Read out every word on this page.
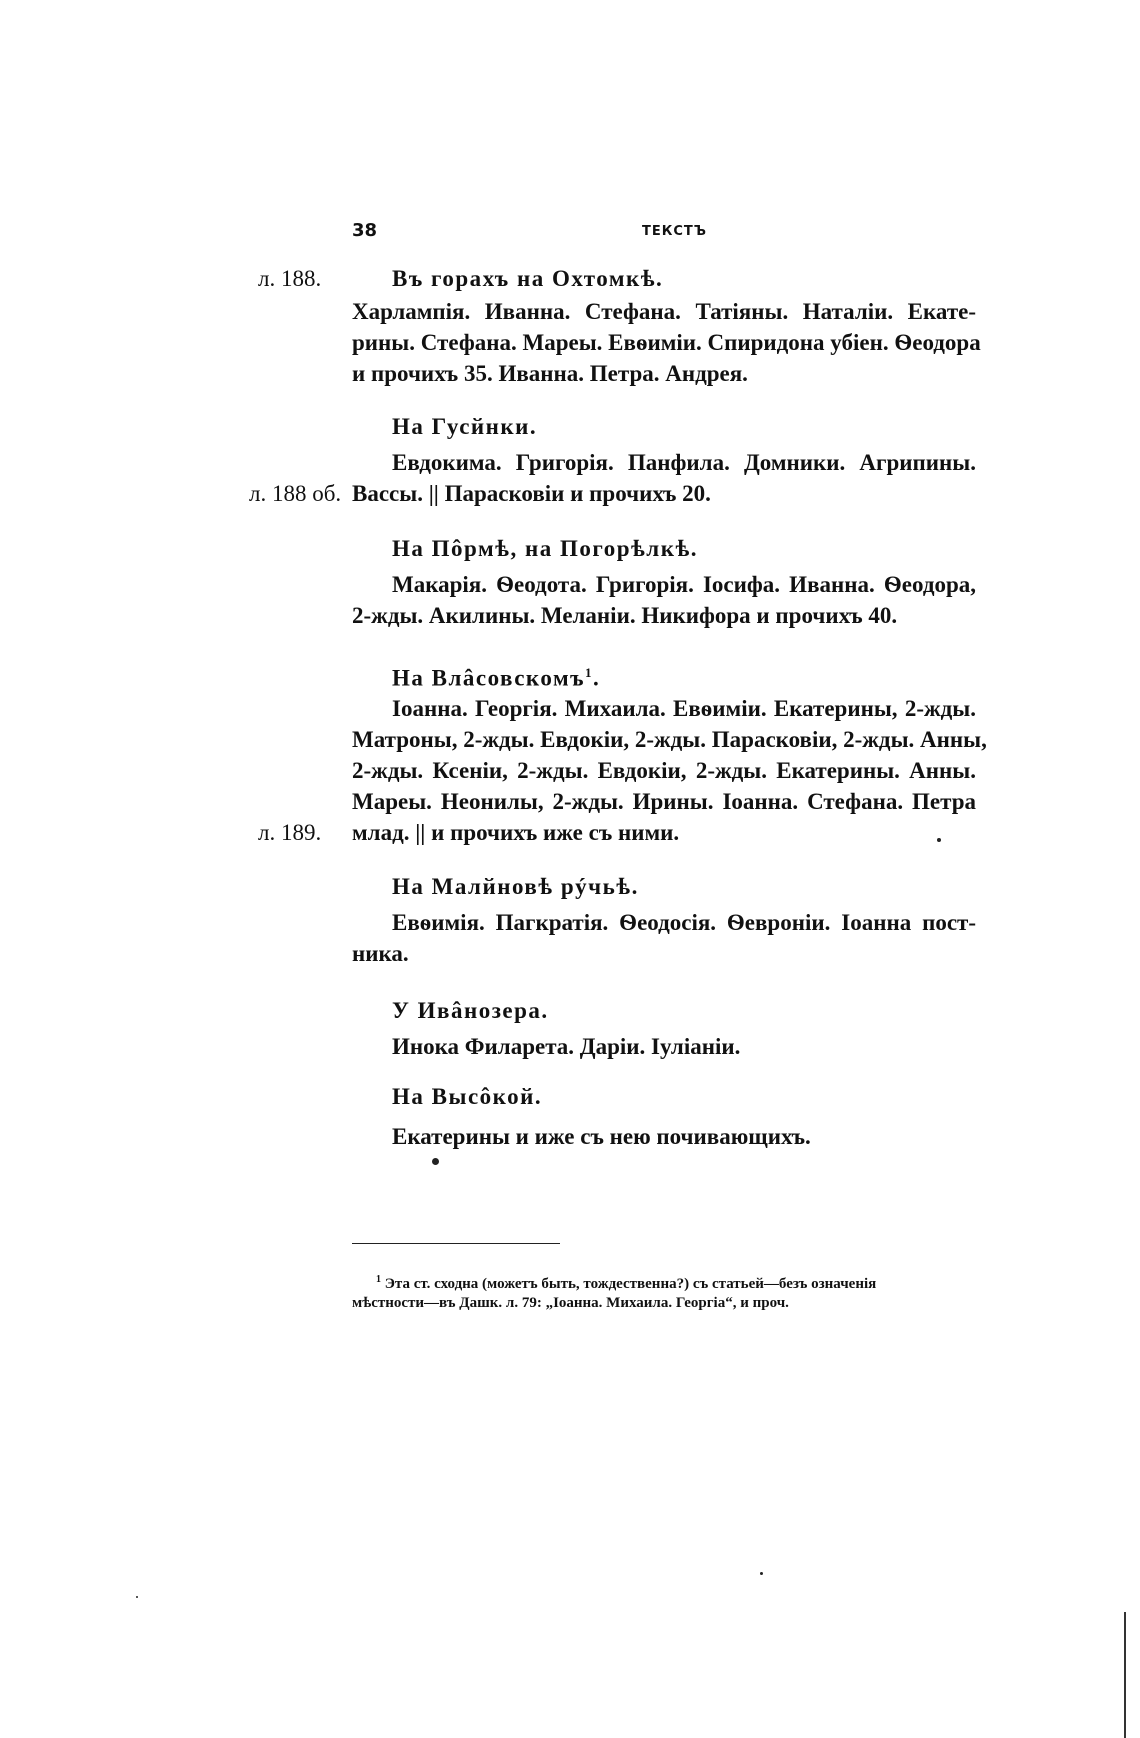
38	ТЕКСТЪ
л. 188.
л. 188 об.
л. 189.
Въ горахъ на Охтомкѣ.
Харлампія. Иванна. Стефана. Татіяны. Наталіи. Екате-
рины. Стефана. Мареы. Евѳиміи. Спиридона убіен. Ѳеодора
и прочихъ 35. Иванна. Петра. Андрея.
На Гусйнки.
Евдокима. Григорія. Панфила. Домники. Агрипины.
Вассы. || Парасковіи и прочихъ 20.
На Пôрмѣ, на Погорѣлкѣ.
Макарія. Ѳеодота. Григорія. Іосифа. Иванна. Ѳеодора,
2-жды. Акилины. Меланіи. Никифора и прочихъ 40.
На Влâсовскомъ$^1$.
Іоанна. Георгія. Михаила. Евѳиміи. Екатерины, 2-жды.
Матроны, 2-жды. Евдокіи, 2-жды. Парасковіи, 2-жды. Анны,
2-жды. Ксеніи, 2-жды. Евдокіи, 2-жды. Екатерины. Анны.
Мареы. Неонилы, 2-жды. Ирины. Іоанна. Стефана. Петра
млад. || и прочихъ иже съ ними.
На Малйновѣ рýчьѣ.
Евѳимія. Пагкратія. Ѳеодосія. Ѳевроніи. Іоанна пост-
ника.
У Ивâнозера.
Инока Филарета. Даріи. Іуліаніи.
На Высôкой.
Екатерины и иже съ нею почивающихъ.
$^1$ Эта ст. сходна (можетъ быть, тождественна?) съ статьей—безъ означенія
мѣстности—въ Дашк. л. 79: „Іоанна. Михаила. Георгіа“, и проч.
